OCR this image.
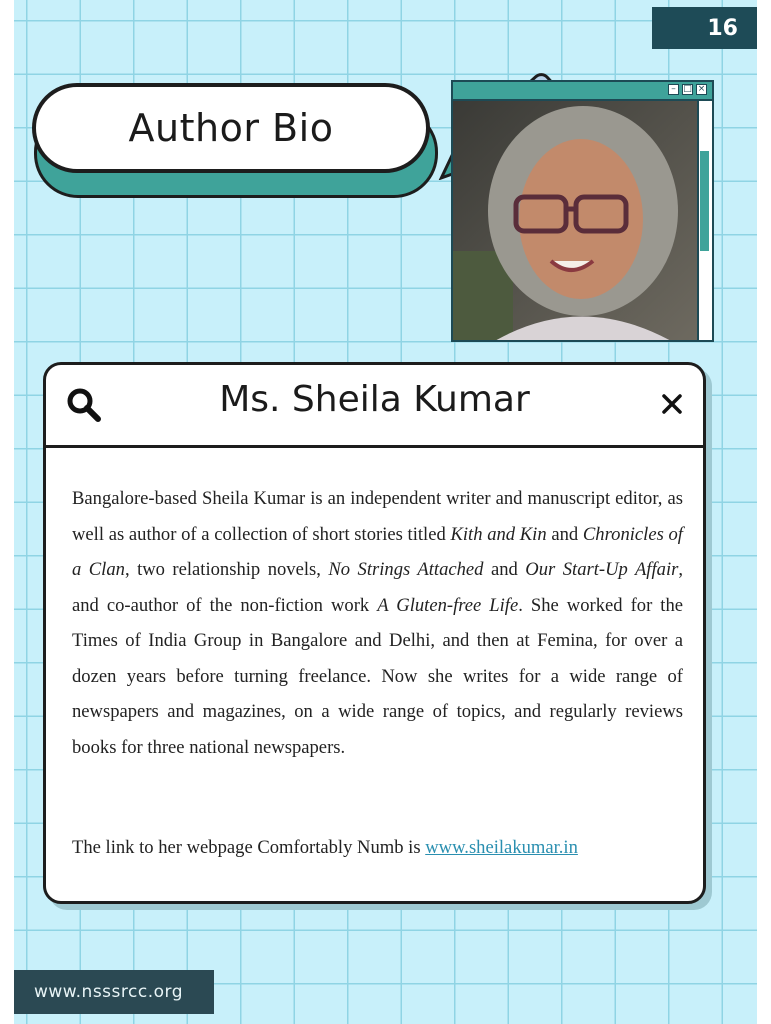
16
Author Bio
– □ ×
Ms. Sheila Kumar

Bangalore-based Sheila Kumar is an independent writer and manuscript editor, as well as author of a collection of short stories titled Kith and Kin and Chronicles of a Clan, two relationship novels, No Strings Attached and Our Start-Up Affair, and co-author of the non-fiction work A Gluten-free Life. She worked for the Times of India Group in Bangalore and Delhi, and then at Femina, for over a dozen years before turning freelance. Now she writes for a wide range of newspapers and magazines, on a wide range of topics, and regularly reviews books for three national newspapers.

The link to her webpage Comfortably Numb is www.sheilakumar.in
www.nsssrcc.org
